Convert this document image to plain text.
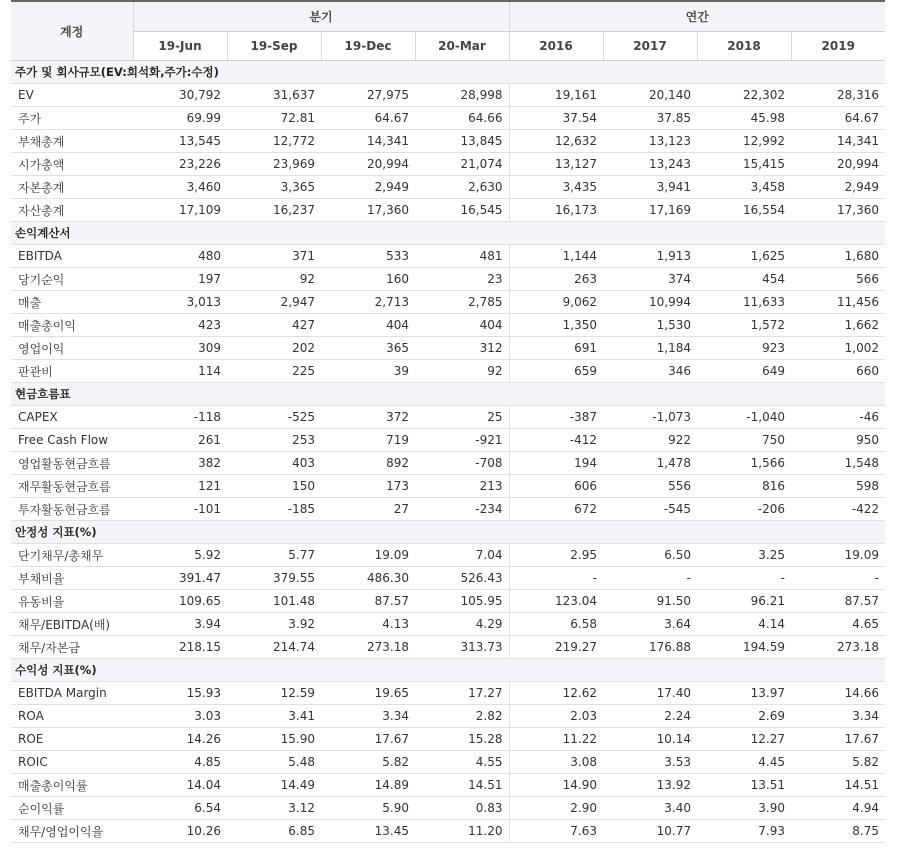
계정	분기				연간			
	19-Jun	19-Sep	19-Dec	20-Mar	2016	2017	2018	2019
주가 및 회사규모(EV:희석화,주가:수정)								
EV	30,792	31,637	27,975	28,998	19,161	20,140	22,302	28,316
주가	69.99	72.81	64.67	64.66	37.54	37.85	45.98	64.67
부채총계	13,545	12,772	14,341	13,845	12,632	13,123	12,992	14,341
시가총액	23,226	23,969	20,994	21,074	13,127	13,243	15,415	20,994
자본총계	3,460	3,365	2,949	2,630	3,435	3,941	3,458	2,949
자산총계	17,109	16,237	17,360	16,545	16,173	17,169	16,554	17,360
손익계산서								
EBITDA	480	371	533	481	1,144	1,913	1,625	1,680
당기순익	197	92	160	23	263	374	454	566
매출	3,013	2,947	2,713	2,785	9,062	10,994	11,633	11,456
매출총이익	423	427	404	404	1,350	1,530	1,572	1,662
영업이익	309	202	365	312	691	1,184	923	1,002
판관비	114	225	39	92	659	346	649	660
현금흐름표								
CAPEX	-118	-525	372	25	-387	-1,073	-1,040	-46
Free Cash Flow	261	253	719	-921	-412	922	750	950
영업활동현금흐름	382	403	892	-708	194	1,478	1,566	1,548
재무활동현금흐름	121	150	173	213	606	556	816	598
투자활동현금흐름	-101	-185	27	-234	672	-545	-206	-422
안정성 지표(%)								
단기채무/총채무	5.92	5.77	19.09	7.04	2.95	6.50	3.25	19.09
부채비율	391.47	379.55	486.30	526.43	-	-	-	-
유동비율	109.65	101.48	87.57	105.95	123.04	91.50	96.21	87.57
채무/EBITDA(배)	3.94	3.92	4.13	4.29	6.58	3.64	4.14	4.65
채무/자본금	218.15	214.74	273.18	313.73	219.27	176.88	194.59	273.18
수익성 지표(%)								
EBITDA Margin	15.93	12.59	19.65	17.27	12.62	17.40	13.97	14.66
ROA	3.03	3.41	3.34	2.82	2.03	2.24	2.69	3.34
ROE	14.26	15.90	17.67	15.28	11.22	10.14	12.27	17.67
ROIC	4.85	5.48	5.82	4.55	3.08	3.53	4.45	5.82
매출총이익률	14.04	14.49	14.89	14.51	14.90	13.92	13.51	14.51
순이익률	6.54	3.12	5.90	0.83	2.90	3.40	3.90	4.94
채무/영업이익율	10.26	6.85	13.45	11.20	7.63	10.77	7.93	8.75
